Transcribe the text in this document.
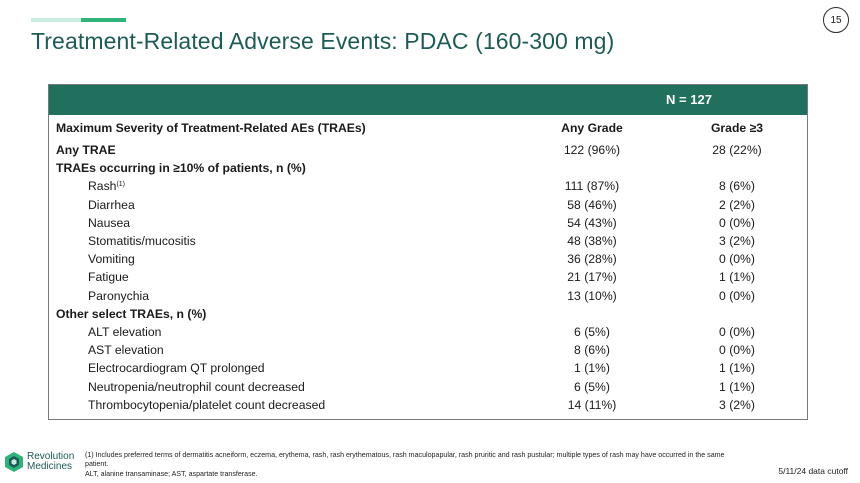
15
Treatment-Related Adverse Events: PDAC (160-300 mg)
N = 127
Maximum Severity of Treatment-Related AEs (TRAEs)	Any Grade	Grade ≥3
Any TRAE	122 (96%)	28 (22%)
TRAEs occurring in ≥10% of patients, n (%)		
Rash$^{(1)}$	111 (87%)	8 (6%)
Diarrhea	58 (46%)	2 (2%)
Nausea	54 (43%)	0 (0%)
Stomatitis/mucositis	48 (38%)	3 (2%)
Vomiting	36 (28%)	0 (0%)
Fatigue	21 (17%)	1 (1%)
Paronychia	13 (10%)	0 (0%)
Other select TRAEs, n (%)		
ALT elevation	6 (5%)	0 (0%)
AST elevation	8 (6%)	0 (0%)
Electrocardiogram QT prolonged	1 (1%)	1 (1%)
Neutropenia/neutrophil count decreased	6 (5%)	1 (1%)
Thrombocytopenia/platelet count decreased	14 (11%)	3 (2%)
Revolution
Medicines
(1) Includes preferred terms of dermatitis acneiform, eczema, erythema, rash, rash erythematous, rash maculopapular, rash pruritic and rash pustular; multiple types of rash may have occurred in the same patient.
ALT, alanine transaminase; AST, aspartate transferase.	5/11/24 data cutoff
